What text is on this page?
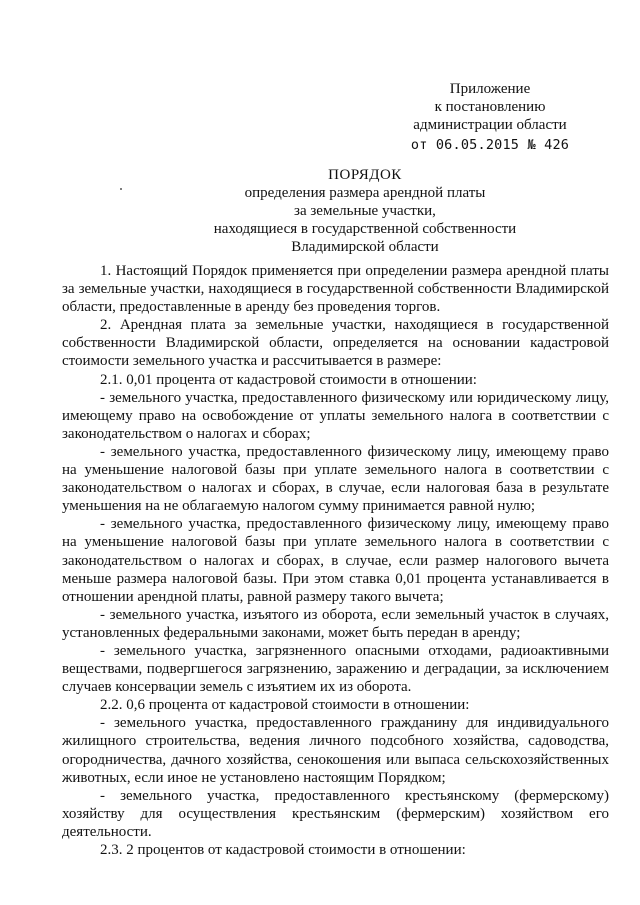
Приложение
к постановлению
администрации области
от 06.05.2015 № 426
ПОРЯДОК
определения размера арендной платы
за земельные участки,
находящиеся в государственной собственности
Владимирской области

1. Настоящий Порядок применяется при определении размера арендной платы за земельные участки, находящиеся в государственной собственности Владимирской области, предоставленные в аренду без проведения торгов.

2. Арендная плата за земельные участки, находящиеся в государственной собственности Владимирской области, определяется на основании кадастровой стоимости земельного участка и рассчитывается в размере:

2.1. 0,01 процента от кадастровой стоимости в отношении:

- земельного участка, предоставленного физическому или юридическому лицу, имеющему право на освобождение от уплаты земельного налога в соответствии с законодательством о налогах и сборах;

- земельного участка, предоставленного физическому лицу, имеющему право на уменьшение налоговой базы при уплате земельного налога в соответствии с законодательством о налогах и сборах, в случае, если налоговая база в результате уменьшения на не облагаемую налогом сумму принимается равной нулю;

- земельного участка, предоставленного физическому лицу, имеющему право на уменьшение налоговой базы при уплате земельного налога в соответствии с законодательством о налогах и сборах, в случае, если размер налогового вычета меньше размера налоговой базы. При этом ставка 0,01 процента устанавливается в отношении арендной платы, равной размеру такого вычета;

- земельного участка, изъятого из оборота, если земельный участок в случаях, установленных федеральными законами, может быть передан в аренду;

- земельного участка, загрязненного опасными отходами, радиоактивными веществами, подвергшегося загрязнению, заражению и деградации, за исключением случаев консервации земель с изъятием их из оборота.

2.2. 0,6 процента от кадастровой стоимости в отношении:

- земельного участка, предоставленного гражданину для индивидуального жилищного строительства, ведения личного подсобного хозяйства, садоводства, огородничества, дачного хозяйства, сенокошения или выпаса сельскохозяйственных животных, если иное не установлено настоящим Порядком;

- земельного участка, предоставленного крестьянскому (фермерскому) хозяйству для осуществления крестьянским (фермерским) хозяйством его деятельности.

2.3. 2 процентов от кадастровой стоимости в отношении:
